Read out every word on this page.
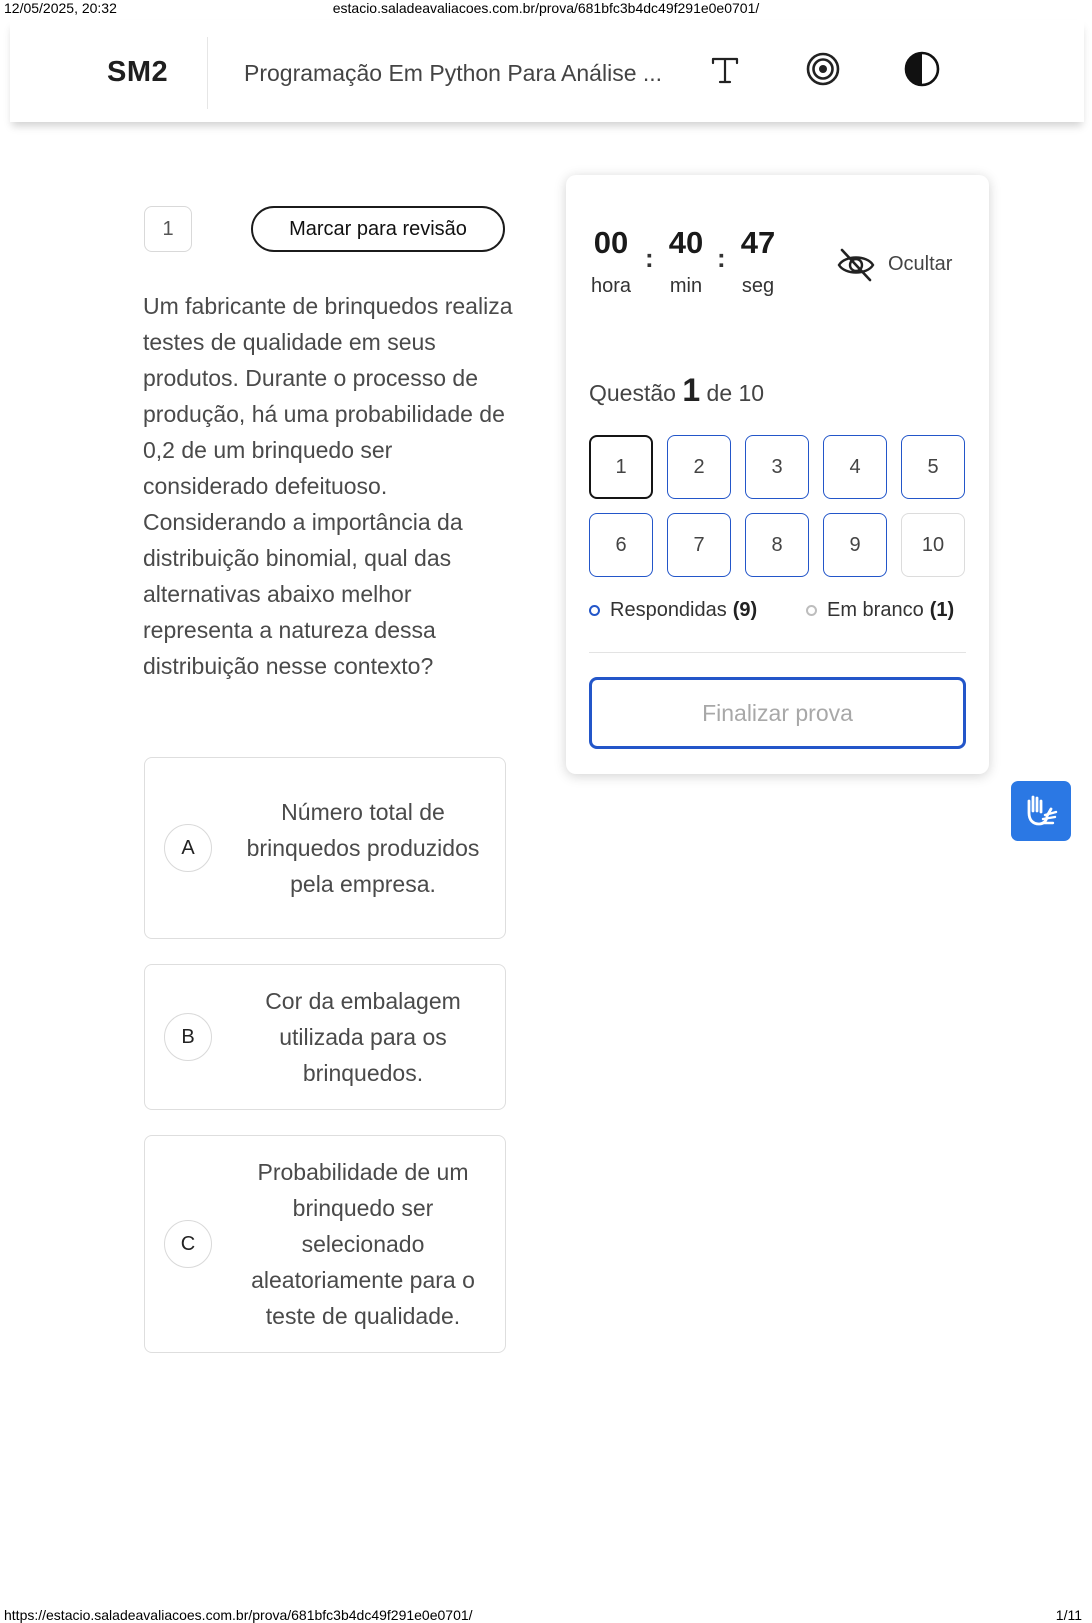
12/05/2025, 20:32	estacio.saladeavaliacoes.com.br/prova/681bfc3b4dc49f291e0e0701/
SM2	Programação Em Python Para Análise ...
1	Marcar para revisão
Um fabricante de brinquedos realiza testes de qualidade em seus produtos. Durante o processo de produção, há uma probabilidade de 0,2 de um brinquedo ser considerado defeituoso. Considerando a importância da distribuição binomial, qual das alternativas abaixo melhor representa a natureza dessa distribuição nesse contexto?
A
Número total de brinquedos produzidos pela empresa.
B
Cor da embalagem utilizada para os brinquedos.
C
Probabilidade de um brinquedo ser selecionado aleatoriamente para o teste de qualidade.
00 : 40 : 47
hora	min	seg
Ocultar
Questão 1 de 10
1	2	3	4	5
6	7	8	9	10
Respondidas (9)	Em branco (1)
Finalizar prova
https://estacio.saladeavaliacoes.com.br/prova/681bfc3b4dc49f291e0e0701/	1/11
